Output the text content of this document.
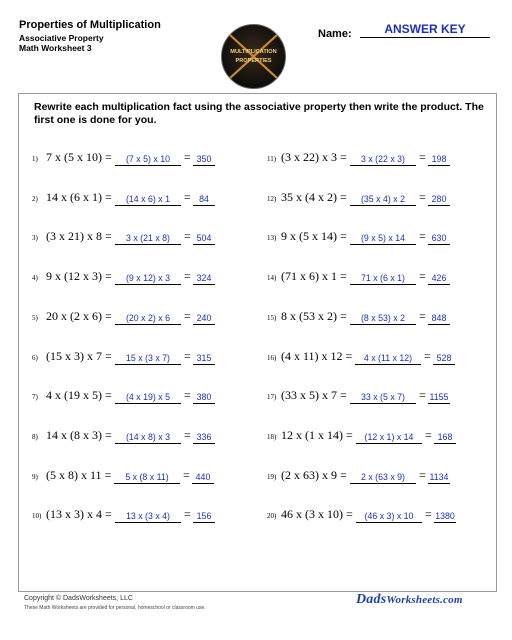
Properties of Multiplication
Associative Property
Math Worksheet 3	MULTIPLICATION
PROPERTIES
Name:	ANSWER KEY
Rewrite each multiplication fact using the associative property then write the product. The first one is done for you.
1) 7 x (5 x 10) =	(7 x 5) x 10	= 350
2) 14 x (6 x 1) =	(14 x 6) x 1	= 84
3) (3 x 21) x 8 =	3 x (21 x 8)	= 504
4) 9 x (12 x 3) =	(9 x 12) x 3	= 324
5) 20 x (2 x 6) =	(20 x 2) x 6	= 240
6) (15 x 3) x 7 =	15 x (3 x 7)	= 315
7) 4 x (19 x 5) =	(4 x 19) x 5	= 380
8) 14 x (8 x 3) =	(14 x 8) x 3	= 336
9) (5 x 8) x 11 =	5 x (8 x 11)	= 440
10) (13 x 3) x 4 =	13 x (3 x 4)	= 156
11) (3 x 22) x 3 =	3 x (22 x 3)	= 198
12) 35 x (4 x 2) =	(35 x 4) x 2	= 280
13) 9 x (5 x 14) =	(9 x 5) x 14	= 630
14) (71 x 6) x 1 =	71 x (6 x 1)	= 426
15) 8 x (53 x 2) =	(8 x 53) x 2	= 848
16) (4 x 11) x 12 =	4 x (11 x 12) = 528
17) (33 x 5) x 7 =	33 x (5 x 7)	= 1155
18) 12 x (1 x 14) =	(12 x 1) x 14 = 168
19) (2 x 63) x 9 =	2 x (63 x 9)	= 1134
20) 46 x (3 x 10) =	(46 x 3) x 10 = 1380
Copyright © DadsWorksheets, LLC
These Math Worksheets are provided for personal, homeschool or classroom use.
DadsWorksheets.com
